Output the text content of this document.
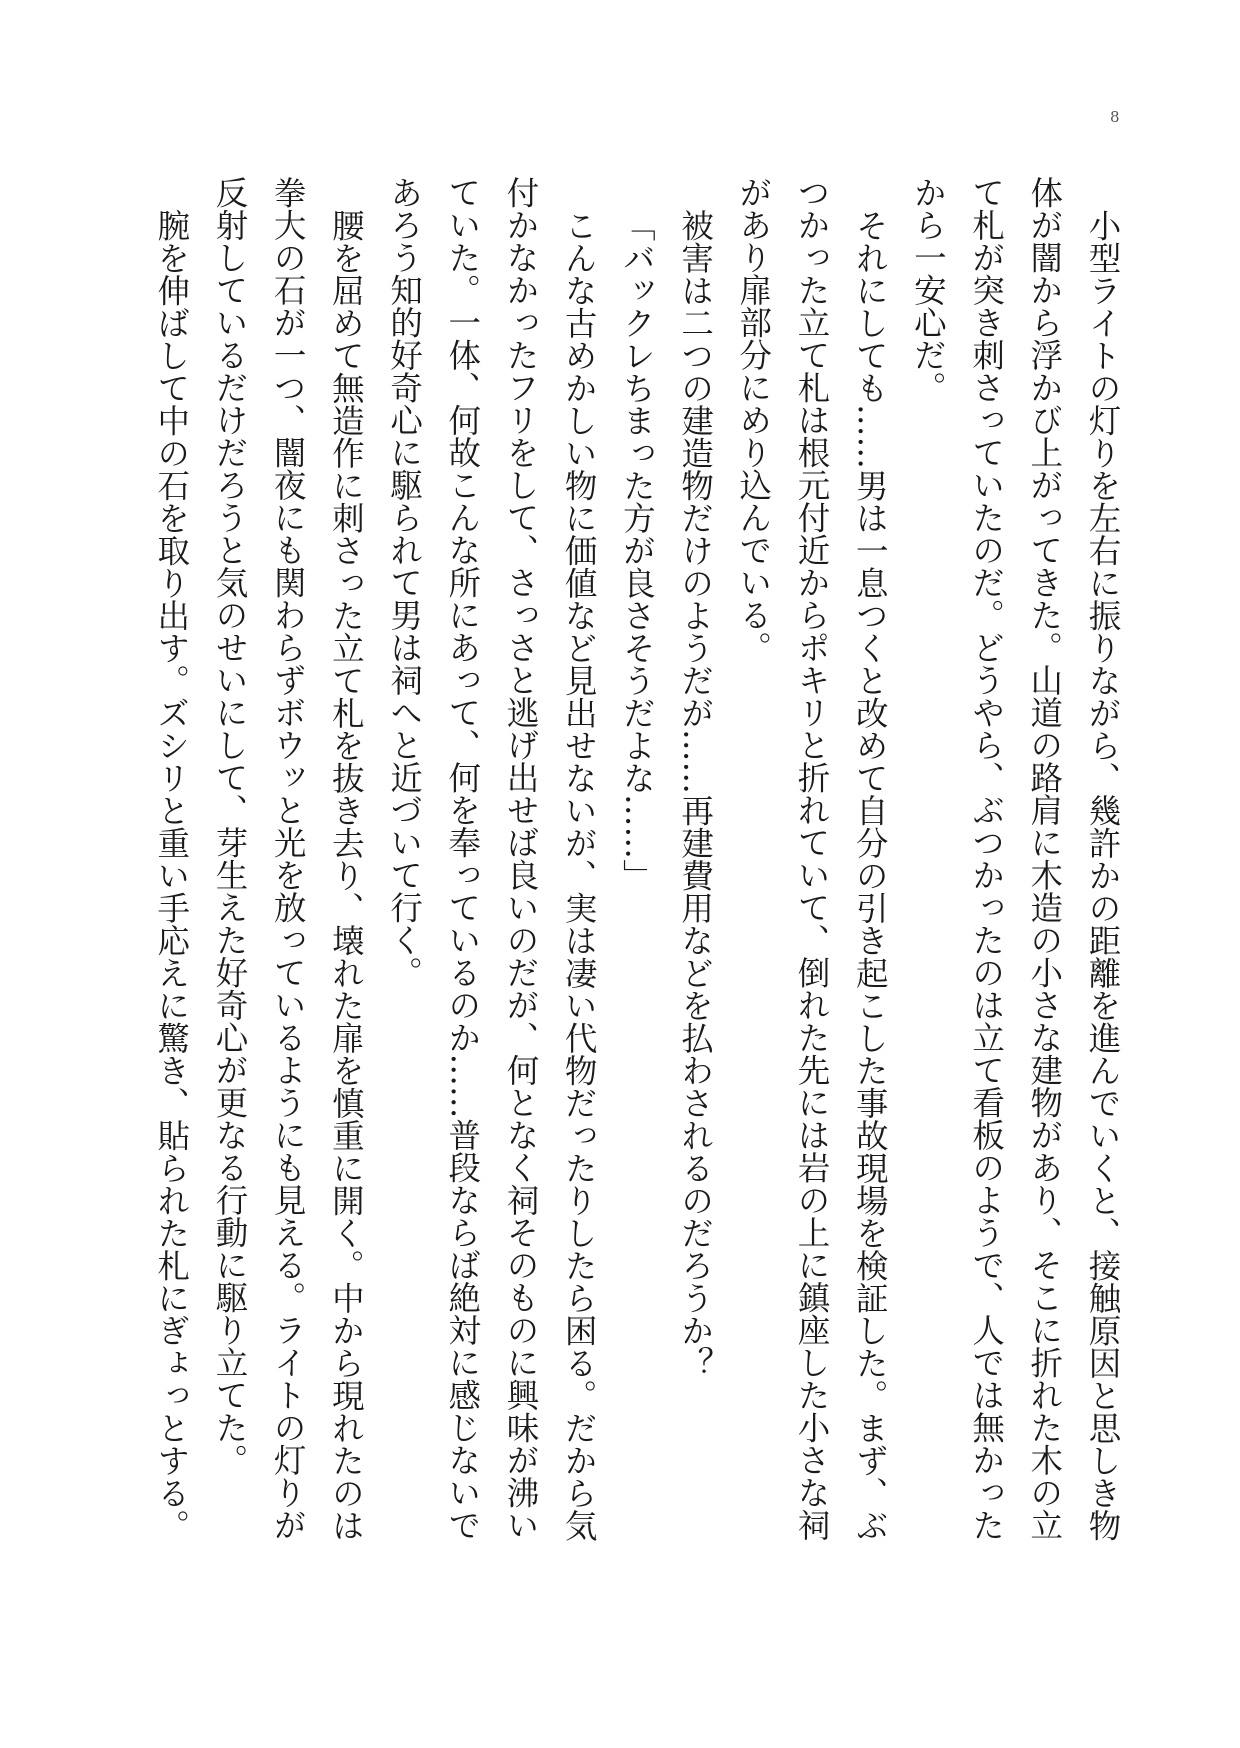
8
小型ライトの灯りを左右に振りながら、幾許かの距離を進んでいくと、接触原因と思しき物
体が闇から浮かび上がってきた。山道の路肩に木造の小さな建物があり、そこに折れた木の立
て札が突き刺さっていたのだ。どうやら、ぶつかったのは立て看板のようで、人では無かった
から一安心だ。
それにしても……男は一息つくと改めて自分の引き起こした事故現場を検証した。まず、ぶ
つかった立て札は根元付近からポキリと折れていて、倒れた先には岩の上に鎮座した小さな祠
があり扉部分にめり込んでいる。
被害は二つの建造物だけのようだが……再建費用などを払わされるのだろうか？
「バックレちまった方が良さそうだよな……」
こんな古めかしい物に価値など見出せないが、実は凄い代物だったりしたら困る。だから気
付かなかったフリをして、さっさと逃げ出せば良いのだが、何となく祠そのものに興味が沸い
ていた。一体、何故こんな所にあって、何を奉っているのか……普段ならば絶対に感じないで
あろう知的好奇心に駆られて男は祠へと近づいて行く。
腰を屈めて無造作に刺さった立て札を抜き去り、壊れた扉を慎重に開く。中から現れたのは
拳大の石が一つ、闇夜にも関わらずボウッと光を放っているようにも見える。ライトの灯りが
反射しているだけだろうと気のせいにして、芽生えた好奇心が更なる行動に駆り立てた。
腕を伸ばして中の石を取り出す。ズシリと重い手応えに驚き、貼られた札にぎょっとする。
